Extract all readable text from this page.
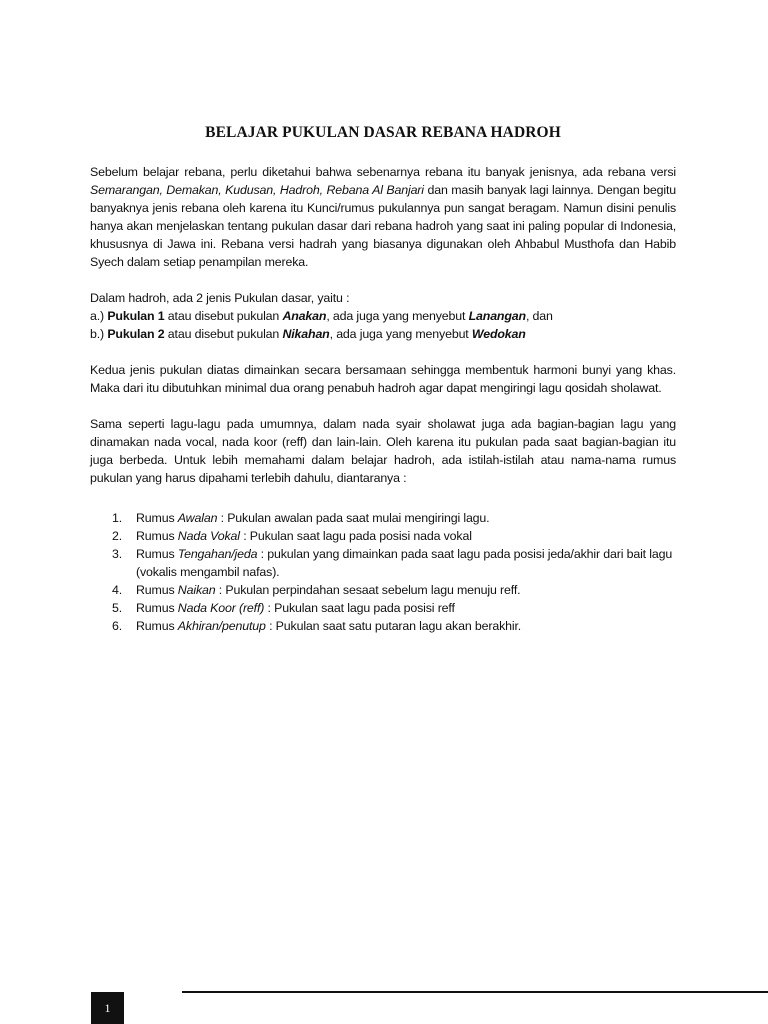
BELAJAR PUKULAN DASAR REBANA HADROH

Sebelum belajar rebana, perlu diketahui bahwa sebenarnya rebana itu banyak jenisnya, ada rebana versi Semarangan, Demakan, Kudusan, Hadroh, Rebana Al Banjari dan masih banyak lagi lainnya. Dengan begitu banyaknya jenis rebana oleh karena itu Kunci/rumus pukulannya pun sangat beragam. Namun disini penulis hanya akan menjelaskan tentang pukulan dasar dari rebana hadroh yang saat ini paling popular di Indonesia, khususnya di Jawa ini. Rebana versi hadrah yang biasanya digunakan oleh Ahbabul Musthofa dan Habib Syech dalam setiap penampilan mereka.

Dalam hadroh, ada 2 jenis Pukulan dasar, yaitu :
a.) Pukulan 1 atau disebut pukulan Anakan, ada juga yang menyebut Lanangan, dan
b.) Pukulan 2 atau disebut pukulan Nikahan, ada juga yang menyebut Wedokan

Kedua jenis pukulan diatas dimainkan secara bersamaan sehingga membentuk harmoni bunyi yang khas. Maka dari itu dibutuhkan minimal dua orang penabuh hadroh agar dapat mengiringi lagu qosidah sholawat.

Sama seperti lagu-lagu pada umumnya, dalam nada syair sholawat juga ada bagian-bagian lagu yang dinamakan nada vocal, nada koor (reff) dan lain-lain. Oleh karena itu pukulan pada saat bagian-bagian itu juga berbeda. Untuk lebih memahami dalam belajar hadroh, ada istilah-istilah atau nama-nama rumus pukulan yang harus dipahami terlebih dahulu, diantaranya :

1. Rumus Awalan : Pukulan awalan pada saat mulai mengiringi lagu.
2. Rumus Nada Vokal : Pukulan saat lagu pada posisi nada vokal
3. Rumus Tengahan/jeda : pukulan yang dimainkan pada saat lagu pada posisi jeda/akhir dari bait lagu (vokalis mengambil nafas).
4. Rumus Naikan : Pukulan perpindahan sesaat sebelum lagu menuju reff.
5. Rumus Nada Koor (reff) : Pukulan saat lagu pada posisi reff
6. Rumus Akhiran/penutup : Pukulan saat satu putaran lagu akan berakhir.
1
